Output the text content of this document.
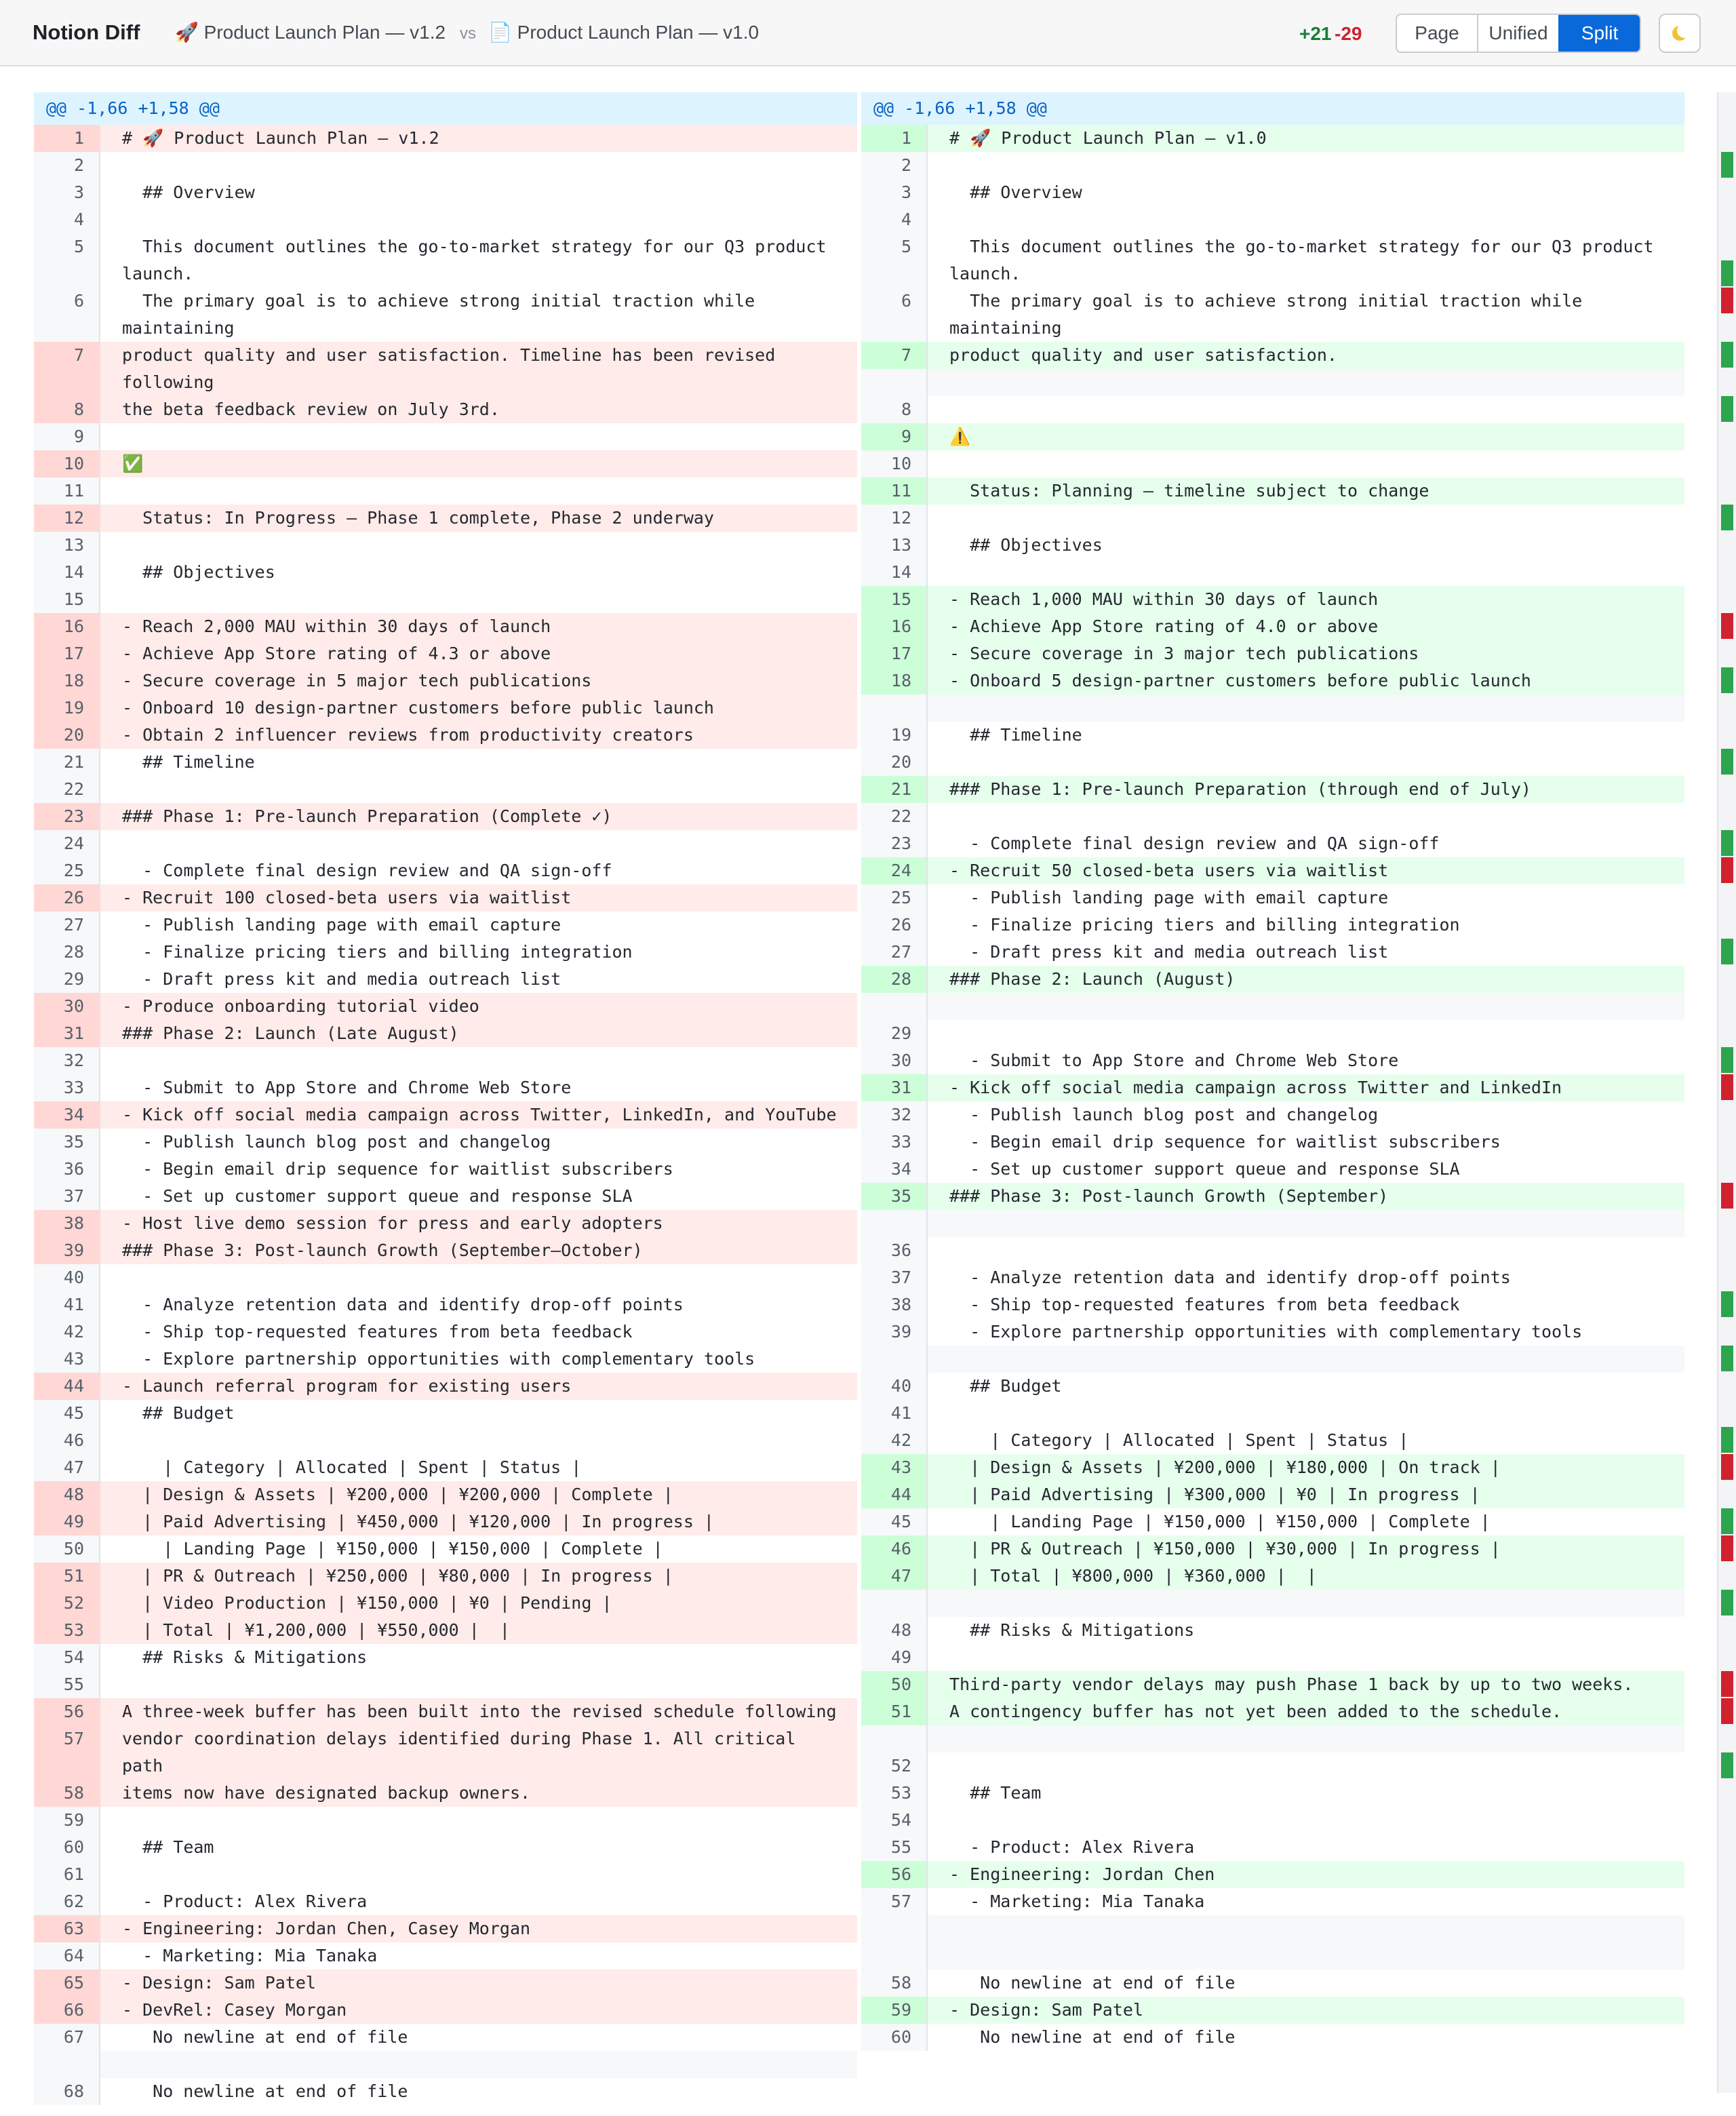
Notion Diff 🚀 Product Launch Plan — v1.2 vs 📄 Product Launch Plan — v1.0	+21 -29	Page	Unified	Split
@@ -1,66 +1,58 @@
1	# 🚀 Product Launch Plan — v1.2
2
3	## Overview
4
5	This document outlines the go-to-market strategy for our Q3 product launch.
6	The primary goal is to achieve strong initial traction while maintaining
7	product quality and user satisfaction. Timeline has been revised following
8	the beta feedback review on July 3rd.
9
10	✅
11
12	Status: In Progress — Phase 1 complete, Phase 2 underway
13
14	## Objectives
15
16	- Reach 2,000 MAU within 30 days of launch
17	- Achieve App Store rating of 4.3 or above
18	- Secure coverage in 5 major tech publications
19	- Onboard 10 design-partner customers before public launch
20	- Obtain 2 influencer reviews from productivity creators
21	## Timeline
22
23	### Phase 1: Pre-launch Preparation (Complete ✓)
24
25	- Complete final design review and QA sign-off
26	- Recruit 100 closed-beta users via waitlist
27	- Publish landing page with email capture
28	- Finalize pricing tiers and billing integration
29	- Draft press kit and media outreach list
30	- Produce onboarding tutorial video
31	### Phase 2: Launch (Late August)
32
33	- Submit to App Store and Chrome Web Store
34	- Kick off social media campaign across Twitter, LinkedIn, and YouTube
35	- Publish launch blog post and changelog
36	- Begin email drip sequence for waitlist subscribers
37	- Set up customer support queue and response SLA
38	- Host live demo session for press and early adopters
39	### Phase 3: Post-launch Growth (September–October)
40
41	- Analyze retention data and identify drop-off points
42	- Ship top-requested features from beta feedback
43	- Explore partnership opportunities with complementary tools
44	- Launch referral program for existing users
45	## Budget
46
47	| Category | Allocated | Spent | Status |
48	| Design & Assets | ¥200,000 | ¥200,000 | Complete |
49	| Paid Advertising | ¥450,000 | ¥120,000 | In progress |
50	| Landing Page | ¥150,000 | ¥150,000 | Complete |
51	| PR & Outreach | ¥250,000 | ¥80,000 | In progress |
52	| Video Production | ¥150,000 | ¥0 | Pending |
53	| Total | ¥1,200,000 | ¥550,000 |  |
54	## Risks & Mitigations
55
56	A three-week buffer has been built into the revised schedule following
57	vendor coordination delays identified during Phase 1. All critical path
58	items now have designated backup owners.
59
60	## Team
61
62	- Product: Alex Rivera
63	- Engineering: Jordan Chen, Casey Morgan
64	- Marketing: Mia Tanaka
65	- Design: Sam Patel
66	- DevRel: Casey Morgan
67	No newline at end of file
68	No newline at end of file
@@ -1,66 +1,58 @@
1	# 🚀 Product Launch Plan — v1.0
2
3	## Overview
4
5	This document outlines the go-to-market strategy for our Q3 product launch.
6	The primary goal is to achieve strong initial traction while maintaining
7	product quality and user satisfaction.
8
9	⚠️
10
11	Status: Planning — timeline subject to change
12
13	## Objectives
14
15	- Reach 1,000 MAU within 30 days of launch
16	- Achieve App Store rating of 4.0 or above
17	- Secure coverage in 3 major tech publications
18	- Onboard 5 design-partner customers before public launch
19	## Timeline
20
21	### Phase 1: Pre-launch Preparation (through end of July)
22
23	- Complete final design review and QA sign-off
24	- Recruit 50 closed-beta users via waitlist
25	- Publish landing page with email capture
26	- Finalize pricing tiers and billing integration
27	- Draft press kit and media outreach list
28	### Phase 2: Launch (August)
29
30	- Submit to App Store and Chrome Web Store
31	- Kick off social media campaign across Twitter and LinkedIn
32	- Publish launch blog post and changelog
33	- Begin email drip sequence for waitlist subscribers
34	- Set up customer support queue and response SLA
35	### Phase 3: Post-launch Growth (September)
36
37	- Analyze retention data and identify drop-off points
38	- Ship top-requested features from beta feedback
39	- Explore partnership opportunities with complementary tools
40	## Budget
41
42	| Category | Allocated | Spent | Status |
43	| Design & Assets | ¥200,000 | ¥180,000 | On track |
44	| Paid Advertising | ¥300,000 | ¥0 | In progress |
45	| Landing Page | ¥150,000 | ¥150,000 | Complete |
46	| PR & Outreach | ¥150,000 | ¥30,000 | In progress |
47	| Total | ¥800,000 | ¥360,000 |  |
48	## Risks & Mitigations
49
50	Third-party vendor delays may push Phase 1 back by up to two weeks.
51	A contingency buffer has not yet been added to the schedule.
52
53	## Team
54
55	- Product: Alex Rivera
56	- Engineering: Jordan Chen
57	- Marketing: Mia Tanaka
58	No newline at end of file
59	- Design: Sam Patel
60	No newline at end of file
